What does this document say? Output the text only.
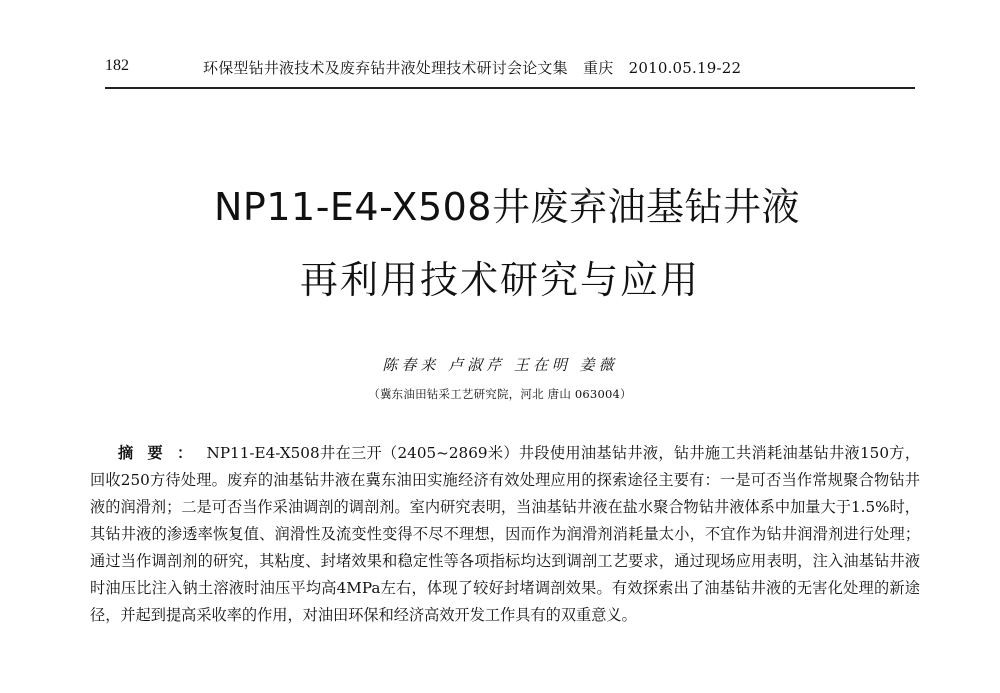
182	环保型钻井液技术及废弃钻井液处理技术研讨会论文集　重庆　2010.05.19-22
NP11-E4-X508井废弃油基钻井液
再利用技术研究与应用
陈春来 卢淑芹 王在明 姜薇
（冀东油田钻采工艺研究院，河北 唐山 063004）
摘要：NP11-E4-X508井在三开（2405~2869米）井段使用油基钻井液，钻井施工共消耗油基钻井液150方，回收250方待处理。废弃的油基钻井液在冀东油田实施经济有效处理应用的探索途径主要有：一是可否当作常规聚合物钻井液的润滑剂；二是可否当作采油调剖的调剖剂。室内研究表明，当油基钻井液在盐水聚合物钻井液体系中加量大于1.5%时，其钻井液的渗透率恢复值、润滑性及流变性变得不尽不理想，因而作为润滑剂消耗量太小，不宜作为钻井润滑剂进行处理；通过当作调剖剂的研究，其粘度、封堵效果和稳定性等各项指标均达到调剖工艺要求，通过现场应用表明，注入油基钻井液时油压比注入钠土溶液时油压平均高4MPa左右，体现了较好封堵调剖效果。有效探索出了油基钻井液的无害化处理的新途径，并起到提高采收率的作用，对油田环保和经济高效开发工作具有的双重意义。
